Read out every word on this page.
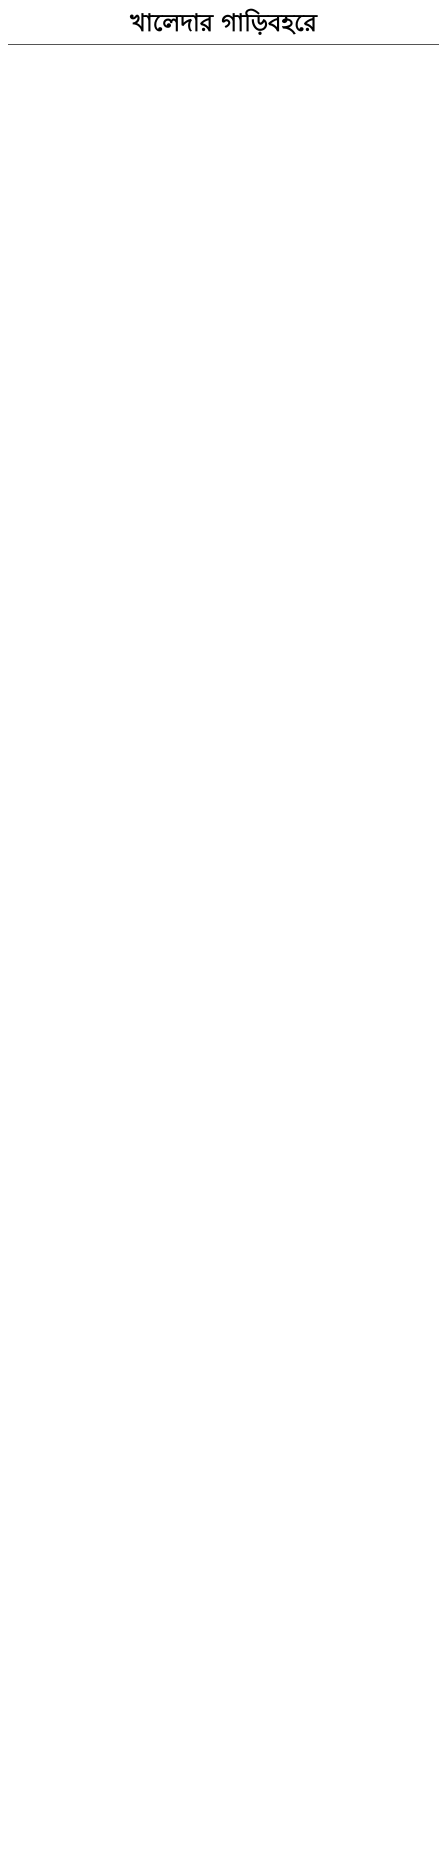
খালেদার গাড়িবহরে
